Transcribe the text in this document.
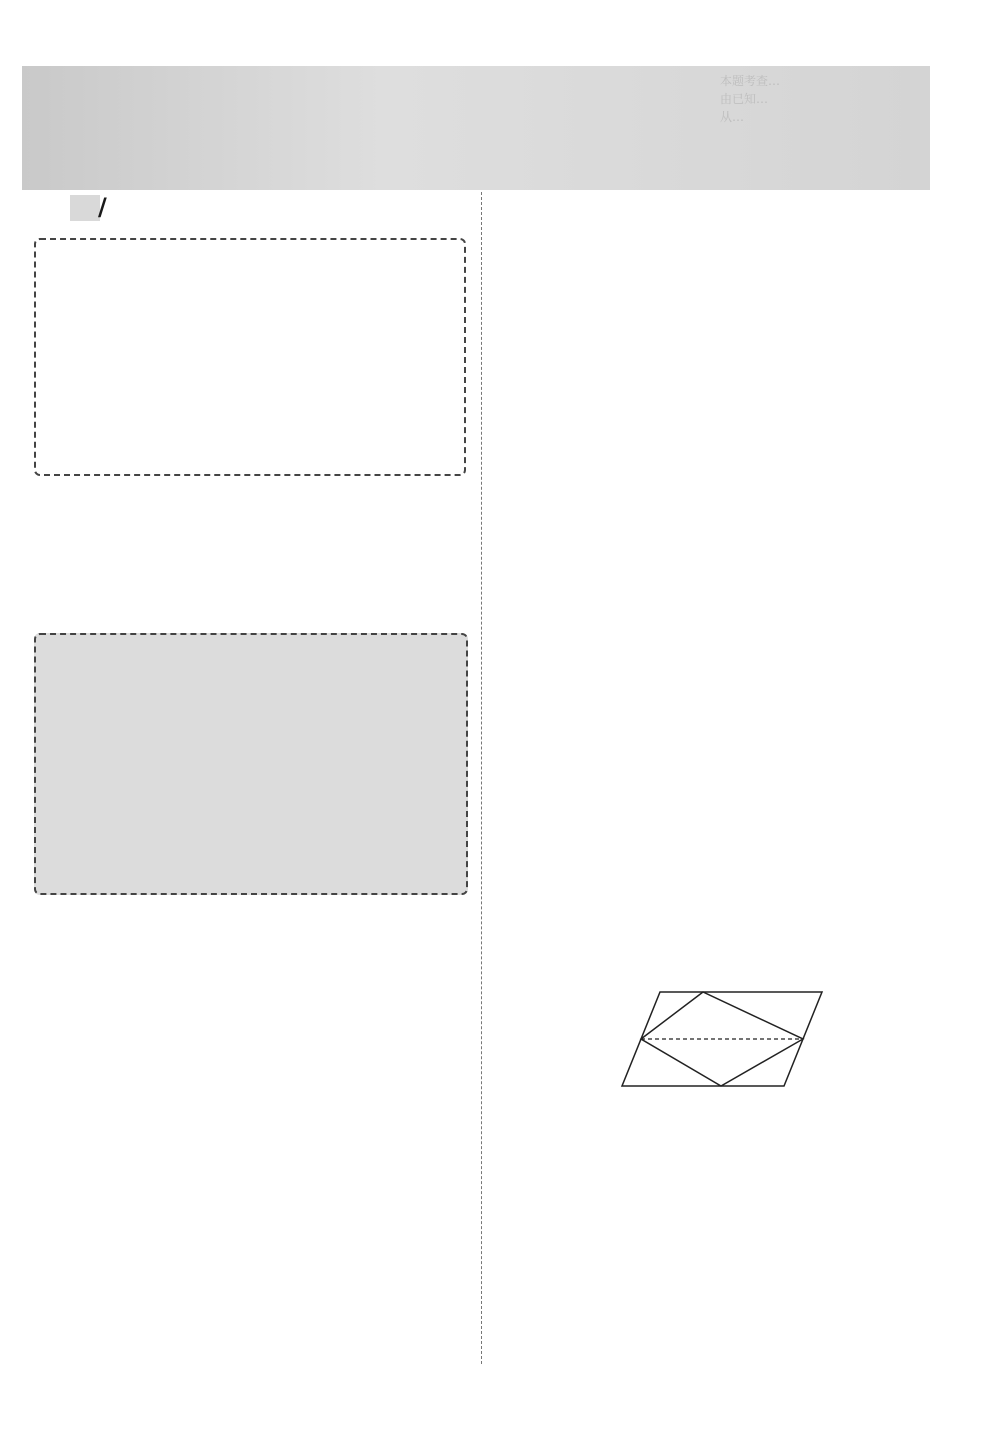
本题考查…
由已知…
从…
/
